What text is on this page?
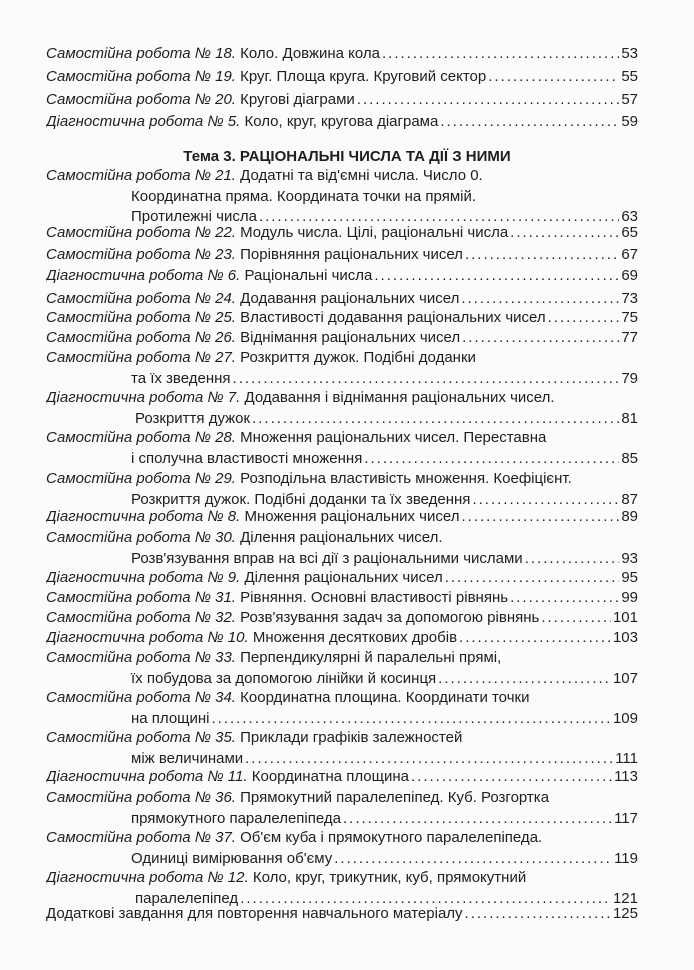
Тема 3. РАЦІОНАЛЬНІ ЧИСЛА ТА ДІЇ З НИМИ
Самостійна робота № 18. Коло. Довжина кола .....	53
Самостійна робота № 19. Круг. Площа круга. Круговий сектор .....	55
Самостійна робота № 20. Кругові діаграми .....	57
Діагностична робота № 5. Коло, круг, кругова діаграма .....	59
Самостійна робота № 21. Додатні та від'ємні числа. Число 0.
Координатна пряма. Координата точки на прямій.
Протилежні числа .....	63
Самостійна робота № 22. Модуль числа. Цілі, раціональні числа .....	65
Самостійна робота № 23. Порівняння раціональних чисел .....	67
Діагностична робота № 6. Раціональні числа .....	69
Самостійна робота № 24. Додавання раціональних чисел .....	73
Самостійна робота № 25. Властивості додавання раціональних чисел .....	75
Самостійна робота № 26. Віднімання раціональних чисел .....	77
Самостійна робота № 27. Розкриття дужок. Подібні доданки
та їх зведення .....	79
Діагностична робота № 7. Додавання і віднімання раціональних чисел.
Розкриття дужок .....	81
Самостійна робота № 28. Множення раціональних чисел. Переставна
і сполучна властивості множення .....	85
Самостійна робота № 29. Розподільна властивість множення. Коефіцієнт.
Розкриття дужок. Подібні доданки та їх зведення .....	87
Діагностична робота № 8. Множення раціональних чисел .....	89
Самостійна робота № 30. Ділення раціональних чисел.
Розв'язування вправ на всі дії з раціональними числами .....	93
Діагностична робота № 9. Ділення раціональних чисел .....	95
Самостійна робота № 31. Рівняння. Основні властивості рівнянь .....	99
Самостійна робота № 32. Розв'язування задач за допомогою рівнянь .....	101
Діагностична робота № 10. Множення десяткових дробів .....	103
Самостійна робота № 33. Перпендикулярні й паралельні прямі,
їх побудова за допомогою лінійки й косинця .....	107
Самостійна робота № 34. Координатна площина. Координати точки
на площині .....	109
Самостійна робота № 35. Приклади графіків залежностей
між величинами .....	111
Діагностична робота № 11. Координатна площина .....	113
Самостійна робота № 36. Прямокутний паралелепіпед. Куб. Розгортка
прямокутного паралелепіпеда .....	117
Самостійна робота № 37. Об'єм куба і прямокутного паралелепіпеда.
Одиниці вимірювання об'єму .....	119
Діагностична робота № 12. Коло, круг, трикутник, куб, прямокутний
паралелепіпед .....	121
Додаткові завдання для повторення навчального матеріалу .....	125
